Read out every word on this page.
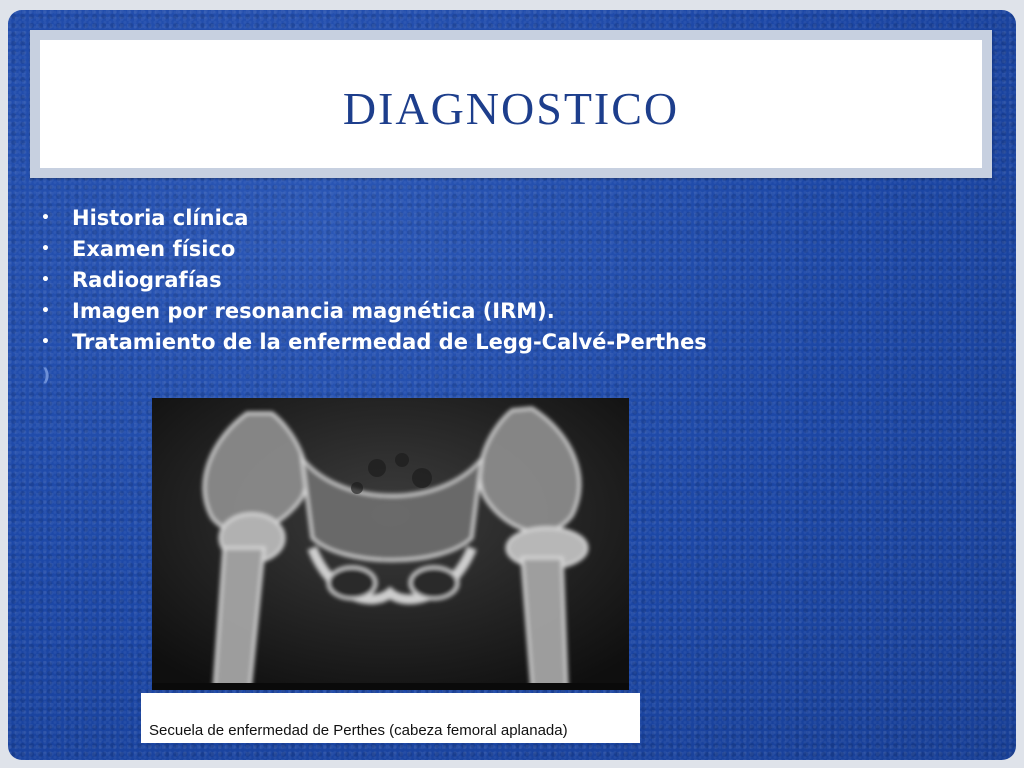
DIAGNOSTICO
• Historia clínica
• Examen físico
• Radiografías
• Imagen por resonancia magnética (IRM).
• Tratamiento de la enfermedad de Legg-Calvé-Perthes
)
Secuela de enfermedad de Perthes (cabeza femoral aplanada)
